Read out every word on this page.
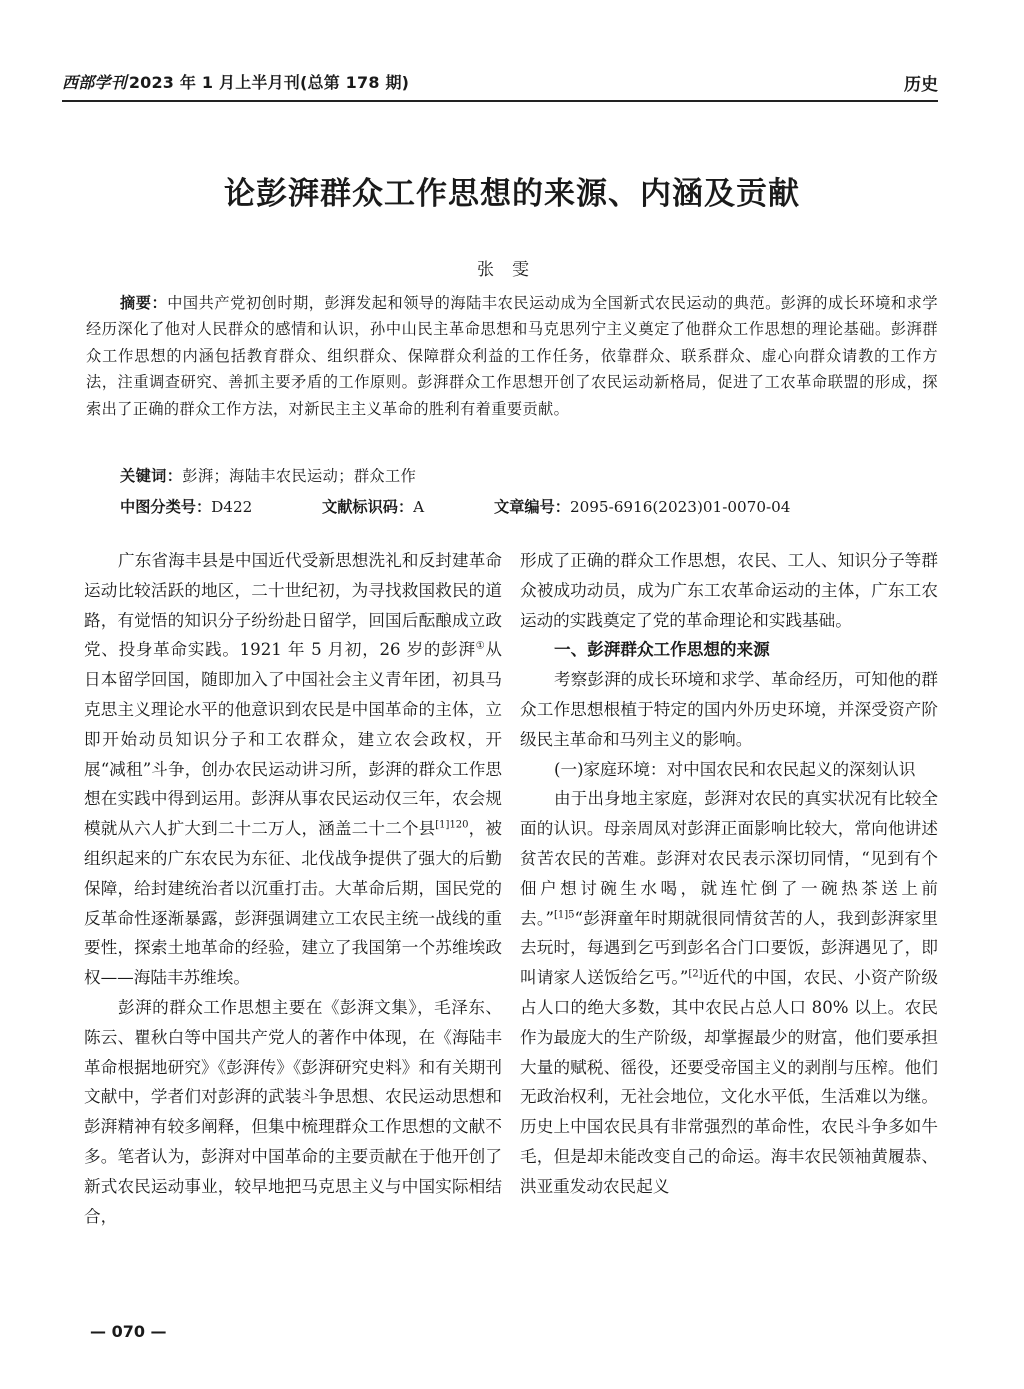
西部学刊 2023 年 1 月上半月刊(总第 178 期)	历史
论彭湃群众工作思想的来源、内涵及贡献
张雯

摘要：中国共产党初创时期，彭湃发起和领导的海陆丰农民运动成为全国新式农民运动的典范。彭湃的成长环境和求学经历深化了他对人民群众的感情和认识，孙中山民主革命思想和马克思列宁主义奠定了他群众工作思想的理论基础。彭湃群众工作思想的内涵包括教育群众、组织群众、保障群众利益的工作任务，依靠群众、联系群众、虚心向群众请教的工作方法，注重调查研究、善抓主要矛盾的工作原则。彭湃群众工作思想开创了农民运动新格局，促进了工农革命联盟的形成，探索出了正确的群众工作方法，对新民主主义革命的胜利有着重要贡献。

关键词：彭湃；海陆丰农民运动；群众工作

中图分类号：D422	文献标识码：A	文章编号：2095-6916(2023)01-0070-04

广东省海丰县是中国近代受新思想洗礼和反封建革命运动比较活跃的地区，二十世纪初，为寻找救国救民的道路，有觉悟的知识分子纷纷赴日留学，回国后酝酿成立政党、投身革命实践。1921 年 5 月初，26 岁的彭湃①从日本留学回国，随即加入了中国社会主义青年团，初具马克思主义理论水平的他意识到农民是中国革命的主体，立即开始动员知识分子和工农群众，建立农会政权，开展“减租”斗争，创办农民运动讲习所，彭湃的群众工作思想在实践中得到运用。彭湃从事农民运动仅三年，农会规模就从六人扩大到二十二万人，涵盖二十二个县$^{[1]120}$，被组织起来的广东农民为东征、北伐战争提供了强大的后勤保障，给封建统治者以沉重打击。大革命后期，国民党的反革命性逐渐暴露，彭湃强调建立工农民主统一战线的重要性，探索土地革命的经验，建立了我国第一个苏维埃政权——海陆丰苏维埃。

彭湃的群众工作思想主要在《彭湃文集》，毛泽东、陈云、瞿秋白等中国共产党人的著作中体现，在《海陆丰革命根据地研究》《彭湃传》《彭湃研究史料》和有关期刊文献中，学者们对彭湃的武装斗争思想、农民运动思想和彭湃精神有较多阐释，但集中梳理群众工作思想的文献不多。笔者认为，彭湃对中国革命的主要贡献在于他开创了新式农民运动事业，较早地把马克思主义与中国实际相结合，

形成了正确的群众工作思想，农民、工人、知识分子等群众被成功动员，成为广东工农革命运动的主体，广东工农运动的实践奠定了党的革命理论和实践基础。

一、彭湃群众工作思想的来源

考察彭湃的成长环境和求学、革命经历，可知他的群众工作思想根植于特定的国内外历史环境，并深受资产阶级民主革命和马列主义的影响。

(一)家庭环境：对中国农民和农民起义的深刻认识

由于出身地主家庭，彭湃对农民的真实状况有比较全面的认识。母亲周凤对彭湃正面影响比较大，常向他讲述贫苦农民的苦难。彭湃对农民表示深切同情，“见到有个佃户想讨碗生水喝，就连忙倒了一碗热茶送上前去。”$^{[1]5}$“彭湃童年时期就很同情贫苦的人，我到彭湃家里去玩时，每遇到乞丐到彭名合门口要饭，彭湃遇见了，即叫请家人送饭给乞丐。”[2]近代的中国，农民、小资产阶级占人口的绝大多数，其中农民占总人口 80% 以上。农民作为最庞大的生产阶级，却掌握最少的财富，他们要承担大量的赋税、徭役，还要受帝国主义的剥削与压榨。他们无政治权利，无社会地位，文化水平低，生活难以为继。历史上中国农民具有非常强烈的革命性，农民斗争多如牛毛，但是却未能改变自己的命运。海丰农民领袖黄履恭、洪亚重发动农民起义

— 070 —
